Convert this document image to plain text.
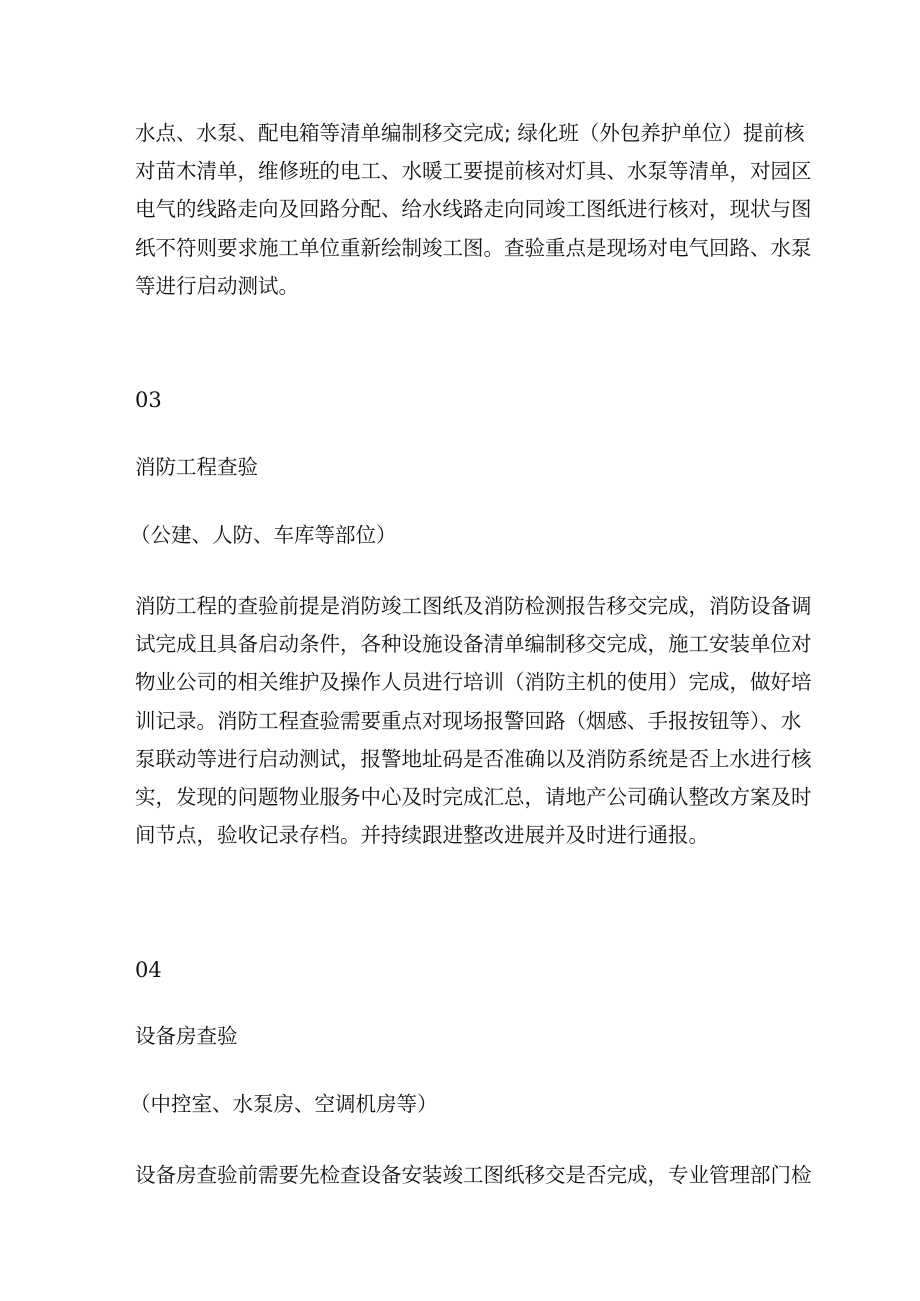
水点、水泵、配电箱等清单编制移交完成; 绿化班（外包养护单位）提前核
对苗木清单，维修班的电工、水暖工要提前核对灯具、水泵等清单，对园区
电气的线路走向及回路分配、给水线路走向同竣工图纸进行核对，现状与图
纸不符则要求施工单位重新绘制竣工图。查验重点是现场对电气回路、水泵
等进行启动测试。
03
消防工程查验
（公建、人防、车库等部位）
消防工程的查验前提是消防竣工图纸及消防检测报告移交完成，消防设备调
试完成且具备启动条件，各种设施设备清单编制移交完成，施工安装单位对
物业公司的相关维护及操作人员进行培训（消防主机的使用）完成，做好培
训记录。消防工程查验需要重点对现场报警回路（烟感、手报按钮等）、水
泵联动等进行启动测试，报警地址码是否准确以及消防系统是否上水进行核
实，发现的问题物业服务中心及时完成汇总，请地产公司确认整改方案及时
间节点，验收记录存档。并持续跟进整改进展并及时进行通报。
04
设备房查验
（中控室、水泵房、空调机房等）
设备房查验前需要先检查设备安装竣工图纸移交是否完成，专业管理部门检
